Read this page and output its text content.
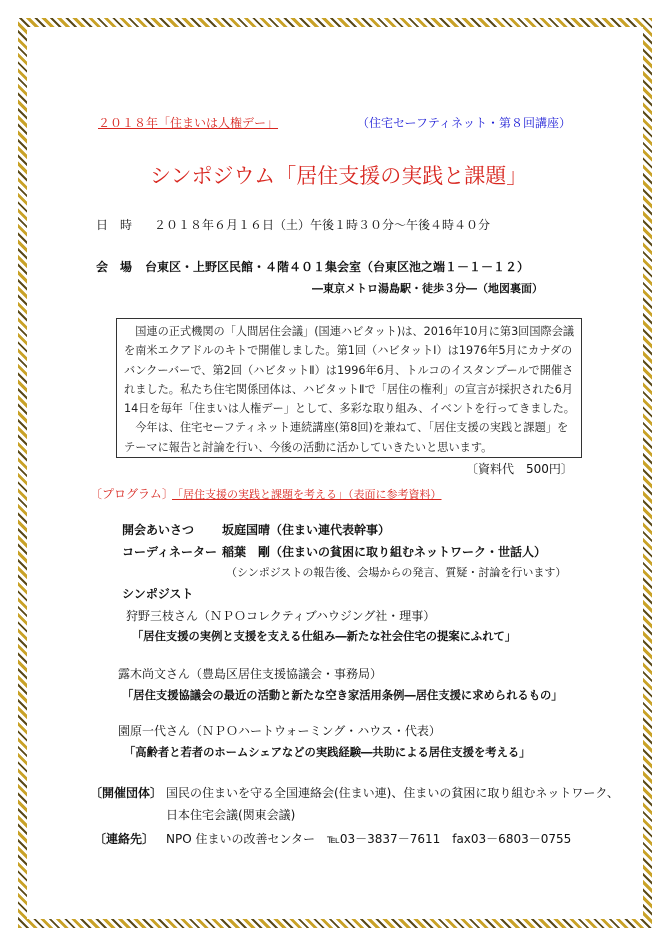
２０１８年「住まいは人権デー」	（住宅セーフティネット・第８回講座）
シンポジウム「居住支援の実践と課題」
日　時 ２０１８年６月１６日（土）午後１時３０分～午後４時４０分
会　場 台東区・上野区民館・４階４０１集会室（台東区池之端１－１－１２）
―東京メトロ湯島駅・徒歩３分―（地図裏面）

国連の正式機関の「人間居住会議」(国連ハビタット)は、2016年10月に第3回国際会議を南米エクアドルのキトで開催しました。第1回（ハビタットⅠ）は1976年5月にカナダのバンクーバーで、第2回（ハビタットⅡ）は1996年6月、トルコのイスタンブールで開催されました。私たち住宅関係団体は、ハビタットⅡで「居住の権利」の宣言が採択された6月14日を毎年「住まいは人権デー」として、多彩な取り組み、イベントを行ってきました。

今年は、住宅セーフティネット連続講座(第8回)を兼ねて、「居住支援の実践と課題」をテーマに報告と討論を行い、今後の活動に活かしていきたいと思います。

〔資料代　500円〕
〔プログラム〕
「居住支援の実践と課題を考える」（表面に参考資料）
開会あいさつ 坂庭国晴（住まい連代表幹事）
コーディネーター 稲葉　剛（住まいの貧困に取り組むネットワーク・世話人）
（シンポジストの報告後、会場からの発言、質疑・討論を行います）
シンポジスト
狩野三枝さん（ＮＰＯコレクティブハウジング社・理事）
「居住支援の実例と支援を支える仕組み―新たな社会住宅の提案にふれて」
露木尚文さん（豊島区居住支援協議会・事務局）
「居住支援協議会の最近の活動と新たな空き家活用条例―居住支援に求められるもの」
園原一代さん（ＮＰＯハートウォーミング・ハウス・代表）
「高齢者と若者のホームシェアなどの実践経験―共助による居住支援を考える」
〔開催団体〕 国民の住まいを守る全国連絡会(住まい連)、住まいの貧困に取り組むネットワーク、
日本住宅会議(関東会議)
〔連絡先〕 NPO 住まいの改善センター　℡03－3837－7611　fax03－6803－0755
